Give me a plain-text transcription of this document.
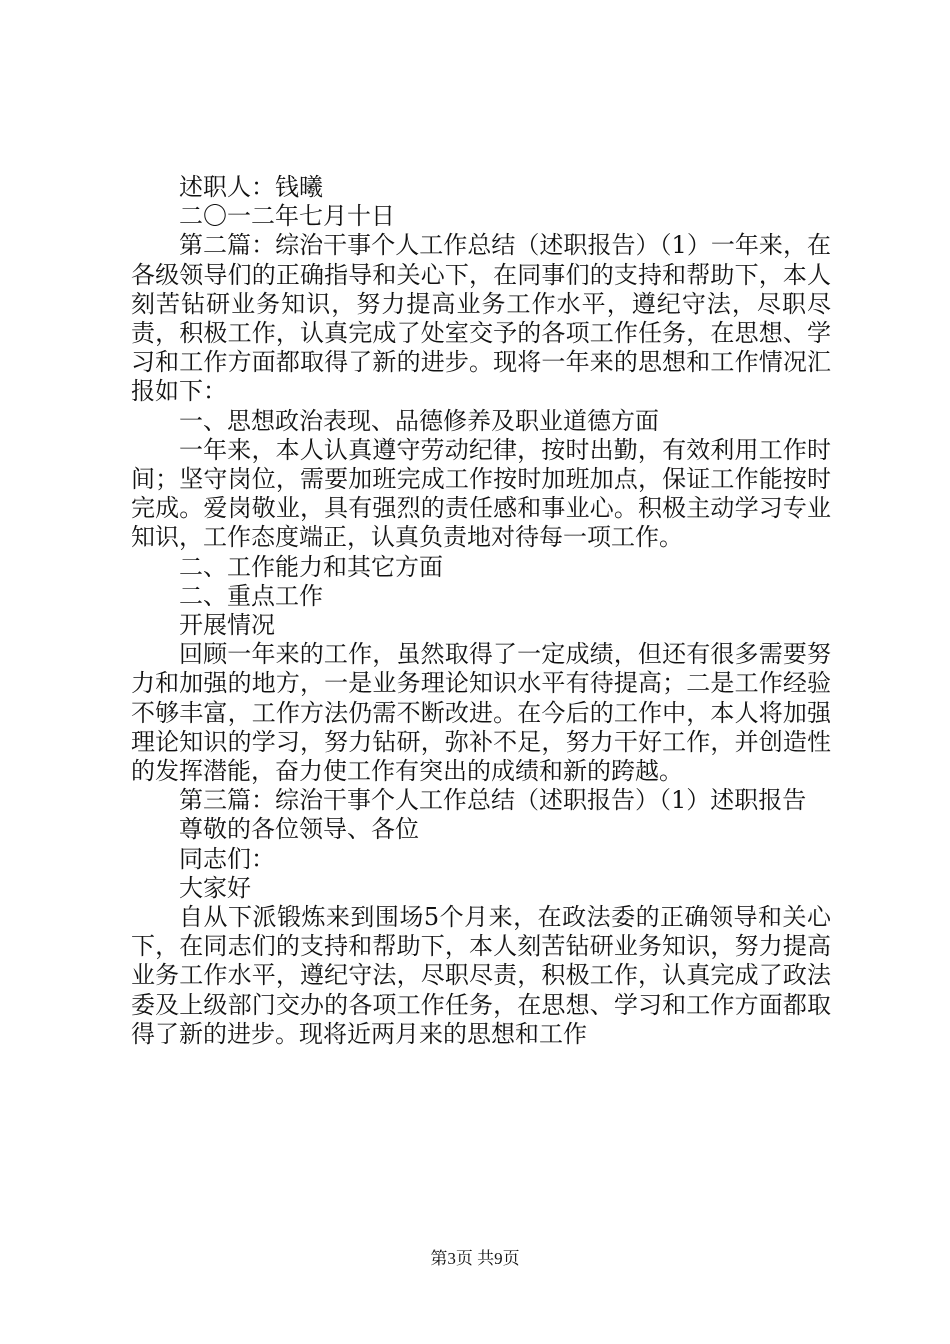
述职人：钱曦

二〇一二年七月十日

第二篇：综治干事个人工作总结（述职报告）（1）一年来，在各级领导们的正确指导和关心下，在同事们的支持和帮助下，本人刻苦钻研业务知识，努力提高业务工作水平，遵纪守法，尽职尽责，积极工作，认真完成了处室交予的各项工作任务，在思想、学习和工作方面都取得了新的进步。现将一年来的思想和工作情况汇报如下：

一、思想政治表现、品德修养及职业道德方面

一年来，本人认真遵守劳动纪律，按时出勤，有效利用工作时间；坚守岗位，需要加班完成工作按时加班加点，保证工作能按时完成。爱岗敬业，具有强烈的责任感和事业心。积极主动学习专业知识，工作态度端正，认真负责地对待每一项工作。

二、工作能力和其它方面

二、重点工作

开展情况

回顾一年来的工作，虽然取得了一定成绩，但还有很多需要努力和加强的地方，一是业务理论知识水平有待提高；二是工作经验不够丰富，工作方法仍需不断改进。在今后的工作中，本人将加强理论知识的学习，努力钻研，弥补不足，努力干好工作，并创造性的发挥潜能，奋力使工作有突出的成绩和新的跨越。

第三篇：综治干事个人工作总结（述职报告）（1）述职报告

尊敬的各位领导、各位

同志们：

大家好

自从下派锻炼来到围场5个月来，在政法委的正确领导和关心下，在同志们的支持和帮助下，本人刻苦钻研业务知识，努力提高业务工作水平，遵纪守法，尽职尽责，积极工作，认真完成了政法委及上级部门交办的各项工作任务，在思想、学习和工作方面都取得了新的进步。现将近两月来的思想和工作

第3页 共9页
